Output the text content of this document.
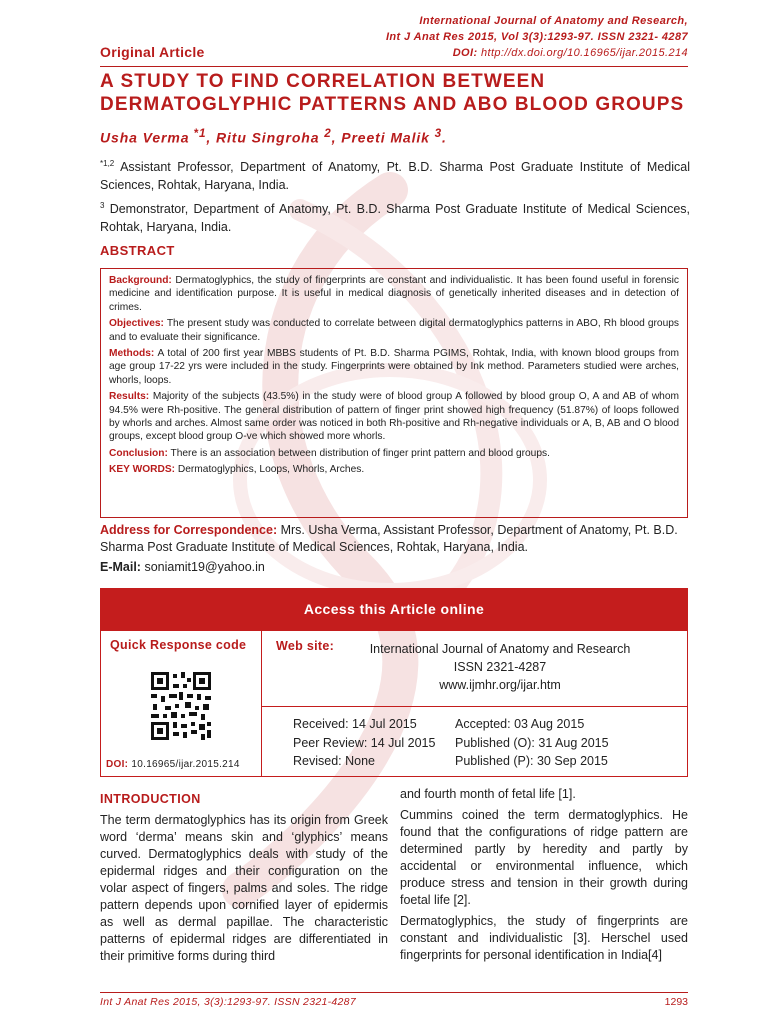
International Journal of Anatomy and Research,
Int J Anat Res 2015, Vol 3(3):1293-97. ISSN 2321- 4287
DOI: http://dx.doi.org/10.16965/ijar.2015.214
Original Article
A STUDY TO FIND CORRELATION BETWEEN DERMATOGLYPHIC PATTERNS AND ABO BLOOD GROUPS
Usha Verma $^{*1}$, Ritu Singroha $^2$, Preeti Malik $^3$.
$^{*1,2}$ Assistant Professor, Department of Anatomy, Pt. B.D. Sharma Post Graduate Institute of Medical Sciences, Rohtak, Haryana, India.
$^3$ Demonstrator, Department of Anatomy, Pt. B.D. Sharma Post Graduate Institute of Medical Sciences, Rohtak, Haryana, India.
ABSTRACT

Background: Dermatoglyphics, the study of fingerprints are constant and individualistic. It has been found useful in forensic medicine and identification purpose. It is useful in medical diagnosis of genetically inherited diseases and in detection of crimes.

Objectives: The present study was conducted to correlate between digital dermatoglyphics patterns in ABO, Rh blood groups and to evaluate their significance.

Methods: A total of 200 first year MBBS students of Pt. B.D. Sharma PGIMS, Rohtak, India, with known blood groups from age group 17-22 yrs were included in the study. Fingerprints were obtained by Ink method. Parameters studied were arches, whorls, loops.

Results: Majority of the subjects (43.5%) in the study were of blood group A followed by blood group O, A and AB of whom 94.5% were Rh-positive. The general distribution of pattern of finger print showed high frequency (51.87%) of loops followed by whorls and arches. Almost same order was noticed in both Rh-positive and Rh-negative individuals or A, B, AB and O blood groups, except blood group O-ve which showed more whorls.

Conclusion: There is an association between distribution of finger print pattern and blood groups.

KEY WORDS: Dermatoglyphics, Loops, Whorls, Arches.

Address for Correspondence: Mrs. Usha Verma, Assistant Professor, Department of Anatomy, Pt. B.D. Sharma Post Graduate Institute of Medical Sciences, Rohtak, Haryana, India.
E-Mail: soniamit19@yahoo.in
Access this Article online
Quick Response code
DOI: 10.16965/ijar.2015.214
Web site:	International Journal of Anatomy and Research
ISSN 2321-4287
www.ijmhr.org/ijar.htm
Received: 14 Jul 2015	Accepted: 03 Aug 2015
Peer Review: 14 Jul 2015	Published (O): 31 Aug 2015
Revised: None	Published (P): 30 Sep 2015
INTRODUCTION
The term dermatoglyphics has its origin from Greek word ‘derma’ means skin and ‘glyphics’ means curved. Dermatoglyphics deals with study of the epidermal ridges and their configuration on the volar aspect of fingers, palms and soles. The ridge pattern depends upon cornified layer of epidermis as well as dermal papillae. The characteristic patterns of epidermal ridges are differentiated in their primitive forms during third

and fourth month of fetal life [1].

Cummins coined the term dermatoglyphics. He found that the configurations of ridge pattern are determined partly by heredity and partly by accidental or environmental influence, which produce stress and tension in their growth during foetal life [2].

Dermatoglyphics, the study of fingerprints are constant and individualistic [3]. Herschel used fingerprints for personal identification in India[4]

Int J Anat Res 2015, 3(3):1293-97. ISSN 2321-4287	1293
